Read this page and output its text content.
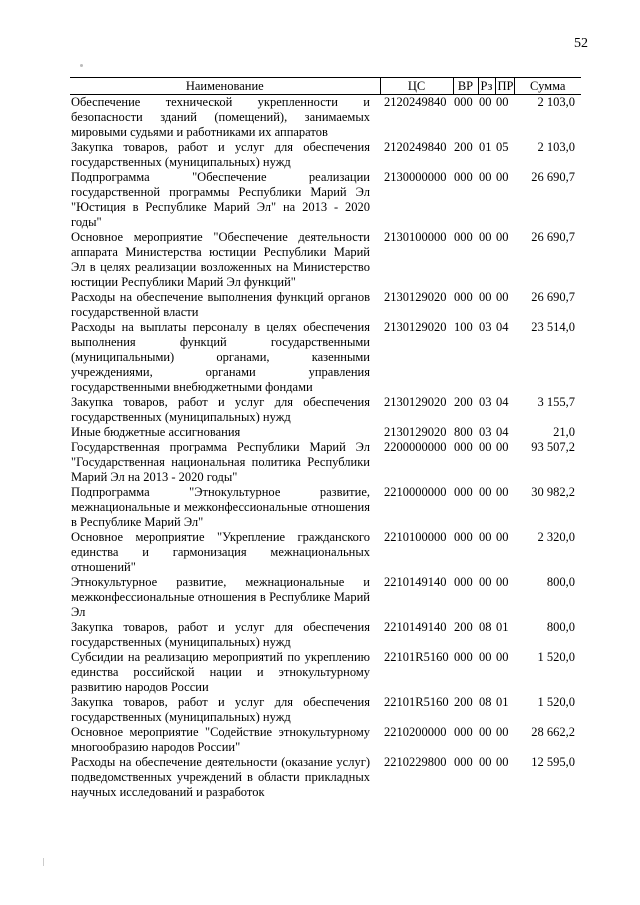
52
Наименование	ЦС	ВР	Рз	ПР	Сумма
Обеспечение технической укрепленности и безопасности зданий (помещений), занимаемых мировыми судьями и работниками их аппаратов	2120249840	000	00	00	2 103,0
Закупка товаров, работ и услуг для обеспечения государственных (муниципальных) нужд	2120249840	200	01	05	2 103,0
Подпрограмма "Обеспечение реализации государственной программы Республики Марий Эл "Юстиция в Республике Марий Эл" на 2013 - 2020 годы"	2130000000	000	00	00	26 690,7
Основное мероприятие "Обеспечение деятельности аппарата Министерства юстиции Республики Марий Эл в целях реализации возложенных на Министерство юстиции Республики Марий Эл функций"	2130100000	000	00	00	26 690,7
Расходы на обеспечение выполнения функций органов государственной власти	2130129020	000	00	00	26 690,7
Расходы на выплаты персоналу в целях обеспечения выполнения функций государственными (муниципальными) органами, казенными учреждениями, органами управления государственными внебюджетными фондами	2130129020	100	03	04	23 514,0
Закупка товаров, работ и услуг для обеспечения государственных (муниципальных) нужд	2130129020	200	03	04	3 155,7
Иные бюджетные ассигнования	2130129020	800	03	04	21,0
Государственная программа Республики Марий Эл "Государственная национальная политика Республики Марий Эл на 2013 - 2020 годы"	2200000000	000	00	00	93 507,2
Подпрограмма "Этнокультурное развитие, межнациональные и межконфессиональные отношения в Республике Марий Эл"	2210000000	000	00	00	30 982,2
Основное мероприятие "Укрепление гражданского единства и гармонизация межнациональных отношений"	2210100000	000	00	00	2 320,0
Этнокультурное развитие, межнациональные и межконфессиональные отношения в Республике Марий Эл	2210149140	000	00	00	800,0
Закупка товаров, работ и услуг для обеспечения государственных (муниципальных) нужд	2210149140	200	08	01	800,0
Субсидии на реализацию мероприятий по укреплению единства российской нации и этнокультурному развитию народов России	22101R5160	000	00	00	1 520,0
Закупка товаров, работ и услуг для обеспечения государственных (муниципальных) нужд	22101R5160	200	08	01	1 520,0
Основное мероприятие "Содействие этнокультурному многообразию народов России"	2210200000	000	00	00	28 662,2
Расходы на обеспечение деятельности (оказание услуг) подведомственных учреждений в области прикладных научных исследований и разработок	2210229800	000	00	00	12 595,0
